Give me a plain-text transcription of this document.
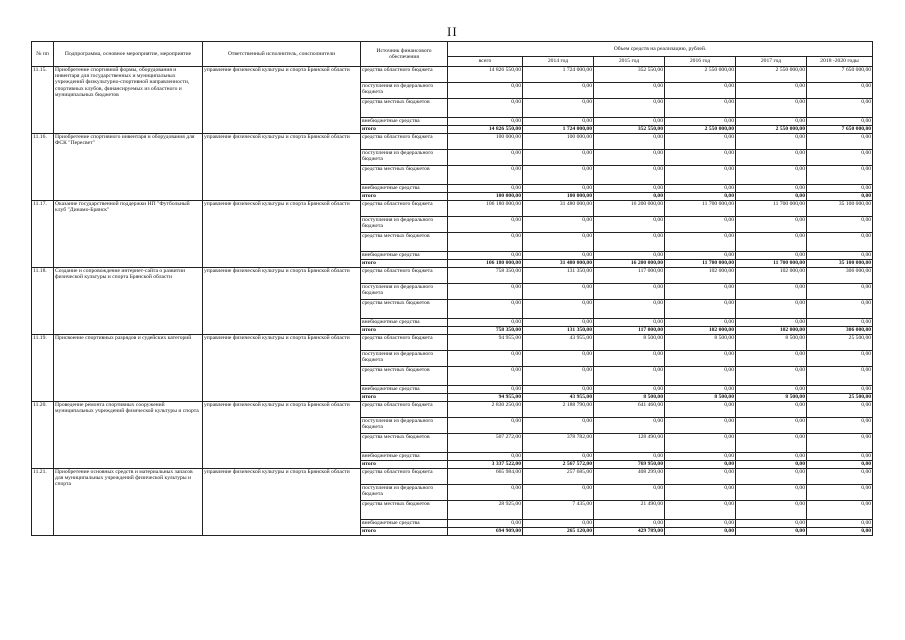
II
№ пп	Подпрограмма, основное мероприятие, мероприятие	Ответственный исполнитель, соисполнители	Источник финансового обеспечения	Объем средств на реализацию, рублей.					
				всего	2014 год	2015 год	2016 год	2017 год	2018 -2020 годы
11.15.	Приобретение спортивной формы, оборудования и инвентаря для государственных и муниципальных учреждений физкультурно-спортивной направленности, спортивных клубов, финансируемых из областного и муниципальных бюджетов	управление физической культуры и спорта Брянской области	средства областного бюджета	14 826 550,00	1 724 000,00	352 550,00	2 550 000,00	2 550 000,00	7 650 000,00
			поступления из федерального бюджета	0,00	0,00	0,00	0,00	0,00	0,00
			средства местных бюджетов	0,00	0,00	0,00	0,00	0,00	0,00
			внебюджетные средства	0,00	0,00	0,00	0,00	0,00	0,00
			итого	14 826 550,00	1 724 000,00	352 550,00	2 550 000,00	2 550 000,00	7 650 000,00
11.16.	Приобретение спортивного инвентаря и оборудования для ФСК "Пересвет"	управление физической культуры и спорта Брянской области	средства областного бюджета	100 000,00	100 000,00	0,00	0,00	0,00	0,00
			поступления из федерального бюджета	0,00	0,00	0,00	0,00	0,00	0,00
			средства местных бюджетов	0,00	0,00	0,00	0,00	0,00	0,00
			внебюджетные средства	0,00	0,00	0,00	0,00	0,00	0,00
			итого	100 000,00	100 000,00	0,00	0,00	0,00	0,00
11.17.	Оказание государственной поддержки НП "Футбольный клуб "Динамо-Брянск"	управление физической культуры и спорта Брянской области	средства областного бюджета	106 180 000,00	31 480 000,00	16 200 000,00	11 700 000,00	11 700 000,00	35 100 000,00
			поступления из федерального бюджета	0,00	0,00	0,00	0,00	0,00	0,00
			средства местных бюджетов	0,00	0,00	0,00	0,00	0,00	0,00
			внебюджетные средства	0,00	0,00	0,00	0,00	0,00	0,00
			итого	106 180 000,00	31 480 000,00	16 200 000,00	11 700 000,00	11 700 000,00	35 100 000,00
11.18.	Создание и сопровождение интернет-сайта о развитии физической культуры и спорта Брянской области	управление физической культуры и спорта Брянской области	средства областного бюджета	758 350,00	131 350,00	117 000,00	102 000,00	102 000,00	306 000,00
			поступления из федерального бюджета	0,00	0,00	0,00	0,00	0,00	0,00
			средства местных бюджетов	0,00	0,00	0,00	0,00	0,00	0,00
			внебюджетные средства	0,00	0,00	0,00	0,00	0,00	0,00
			итого	758 350,00	131 350,00	117 000,00	102 000,00	102 000,00	306 000,00
11.19.	Присвоение спортивных разрядов и судейских категорий	управление физической культуры и спорта Брянской области	средства областного бюджета	94 955,00	43 955,00	8 500,00	8 500,00	8 500,00	25 500,00
			поступления из федерального бюджета	0,00	0,00	0,00	0,00	0,00	0,00
			средства местных бюджетов	0,00	0,00	0,00	0,00	0,00	0,00
			внебюджетные средства	0,00	0,00	0,00	0,00	0,00	0,00
			итого	94 955,00	43 955,00	8 500,00	8 500,00	8 500,00	25 500,00
11.20.	Проведение ремонта спортивных сооружений муниципальных учреждений физической культуры и спорта	управление физической культуры и спорта Брянской области	средства областного бюджета	2 830 250,00	2 188 790,00	641 460,00	0,00	0,00	0,00
			поступления из федерального бюджета	0,00	0,00	0,00	0,00	0,00	0,00
			средства местных бюджетов	507 272,00	378 782,00	128 490,00	0,00	0,00	0,00
			внебюджетные средства	0,00	0,00	0,00	0,00	0,00	0,00
			итого	3 337 522,00	2 567 572,00	769 950,00	0,00	0,00	0,00
11.21.	Приобретение основных средств и материальных запасов для муниципальных учреждений физической культуры и спорта	управление физической культуры и спорта Брянской области	средства областного бюджета	665 984,00	257 685,00	408 299,00	0,00	0,00	0,00
			поступления из федерального бюджета	0,00	0,00	0,00	0,00	0,00	0,00
			средства местных бюджетов	28 925,00	7 435,00	21 490,00	0,00	0,00	0,00
			внебюджетные средства	0,00	0,00	0,00	0,00	0,00	0,00
			итого	694 909,00	265 120,00	429 789,00	0,00	0,00	0,00
